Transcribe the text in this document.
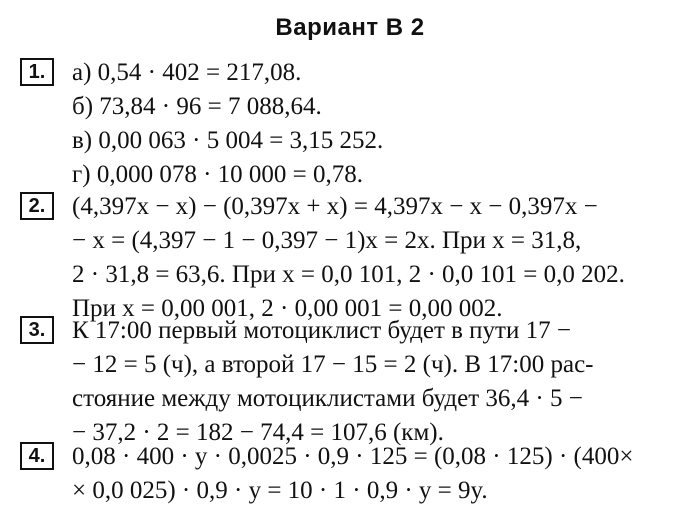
Вариант В 2
1.	а) 0,54 · 402 = 217,08.
б) 73,84 · 96 = 7 088,64.
в) 0,00 063 · 5 004 = 3,15 252.
г) 0,000 078 · 10 000 = 0,78.
2.	(4,397x − x) − (0,397x + x) = 4,397x − x − 0,397x −
− x = (4,397 − 1 − 0,397 − 1)x = 2x. При x = 31,8,
2 · 31,8 = 63,6. При x = 0,0 101, 2 · 0,0 101 = 0,0 202.
При x = 0,00 001, 2 · 0,00 001 = 0,00 002.
3.	К 17:00 первый мотоциклист будет в пути 17 −
− 12 = 5 (ч), а второй 17 − 15 = 2 (ч). В 17:00 рас-
стояние между мотоциклистами будет 36,4 · 5 −
− 37,2 · 2 = 182 − 74,4 = 107,6 (км).
4.	0,08 · 400 · y · 0,0025 · 0,9 · 125 = (0,08 · 125) · (400×
× 0,0 025) · 0,9 · y = 10 · 1 · 0,9 · y = 9y.
